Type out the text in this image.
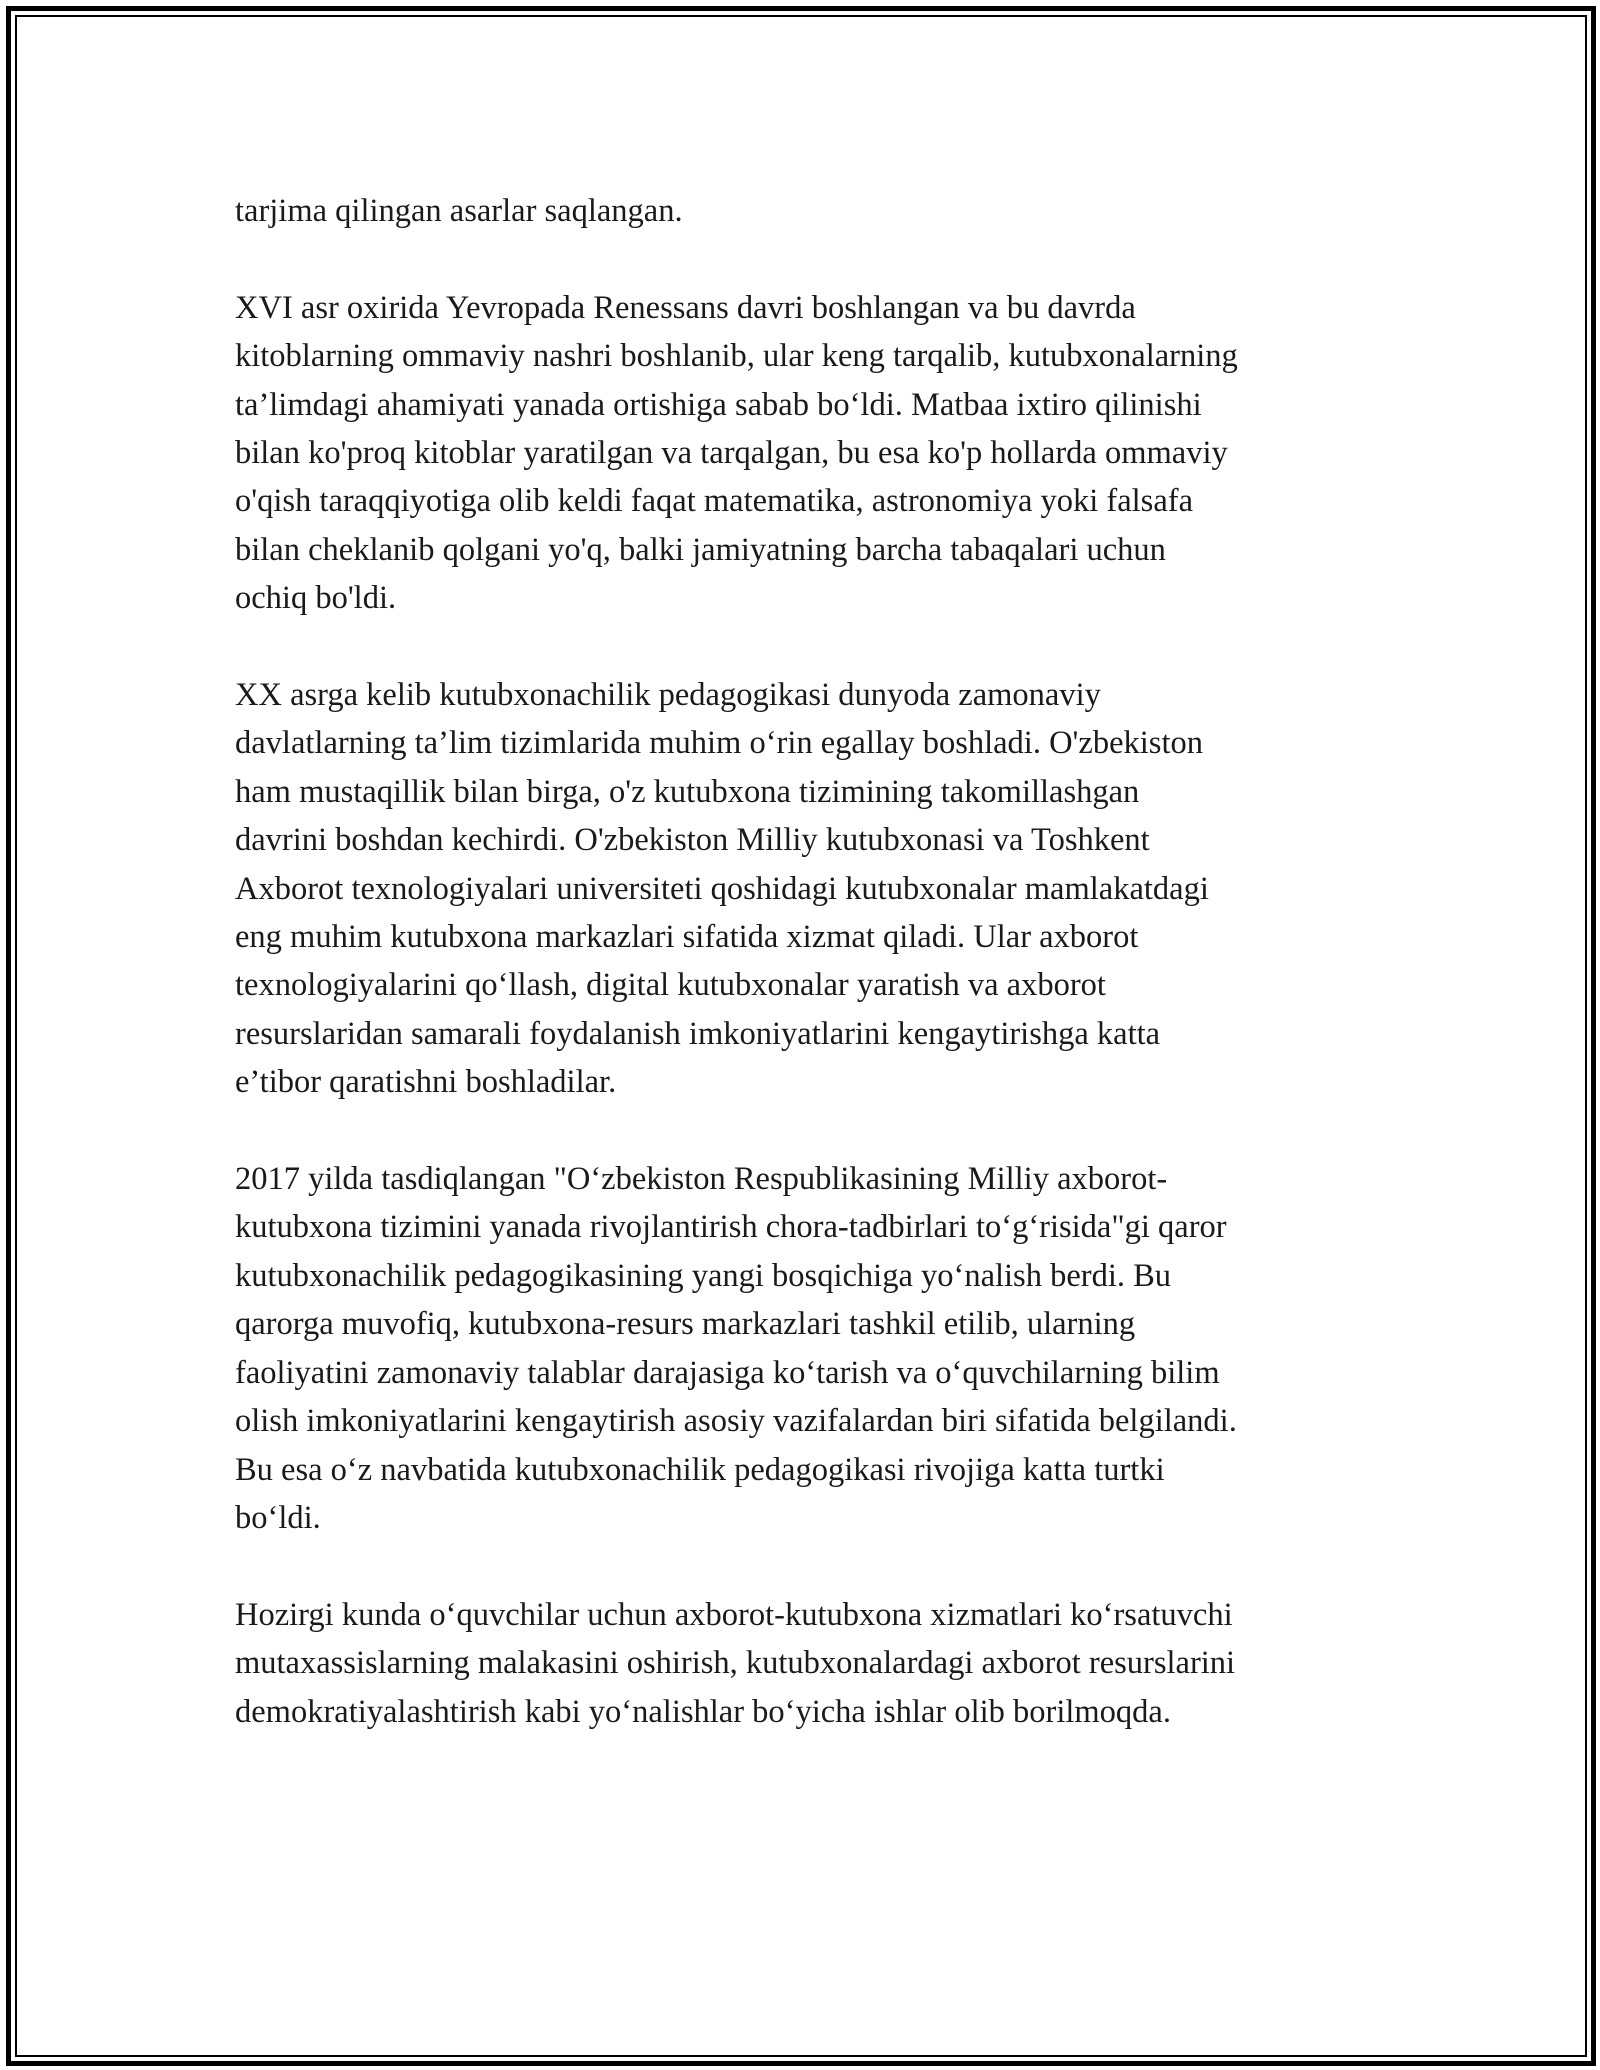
tarjima qilingan asarlar saqlangan.

XVI asr oxirida Yevropada Renessans davri boshlangan va bu davrda
kitoblarning ommaviy nashri boshlanib, ular keng tarqalib, kutubxonalarning
ta’limdagi ahamiyati yanada ortishiga sabab bo‘ldi. Matbaa ixtiro qilinishi
bilan ko'proq kitoblar yaratilgan va tarqalgan, bu esa ko'p hollarda ommaviy
o'qish taraqqiyotiga olib keldi faqat matematika, astronomiya yoki falsafa
bilan cheklanib qolgani yo'q, balki jamiyatning barcha tabaqalari uchun
ochiq bo'ldi.

XX asrga kelib kutubxonachilik pedagogikasi dunyoda zamonaviy
davlatlarning ta’lim tizimlarida muhim o‘rin egallay boshladi. O'zbekiston
ham mustaqillik bilan birga, o'z kutubxona tizimining takomillashgan
davrini boshdan kechirdi. O'zbekiston Milliy kutubxonasi va Toshkent
Axborot texnologiyalari universiteti qoshidagi kutubxonalar mamlakatdagi
eng muhim kutubxona markazlari sifatida xizmat qiladi. Ular axborot
texnologiyalarini qo‘llash, digital kutubxonalar yaratish va axborot
resurslaridan samarali foydalanish imkoniyatlarini kengaytirishga katta
e’tibor qaratishni boshladilar.

2017 yilda tasdiqlangan "O‘zbekiston Respublikasining Milliy axborot-
kutubxona tizimini yanada rivojlantirish chora-tadbirlari to‘g‘risida"gi qaror
kutubxonachilik pedagogikasining yangi bosqichiga yo‘nalish berdi. Bu
qarorga muvofiq, kutubxona-resurs markazlari tashkil etilib, ularning
faoliyatini zamonaviy talablar darajasiga ko‘tarish va o‘quvchilarning bilim
olish imkoniyatlarini kengaytirish asosiy vazifalardan biri sifatida belgilandi.
Bu esa o‘z navbatida kutubxonachilik pedagogikasi rivojiga katta turtki
bo‘ldi.

Hozirgi kunda o‘quvchilar uchun axborot-kutubxona xizmatlari ko‘rsatuvchi
mutaxassislarning malakasini oshirish, kutubxonalardagi axborot resurslarini
demokratiyalashtirish kabi yo‘nalishlar bo‘yicha ishlar olib borilmoqda.
